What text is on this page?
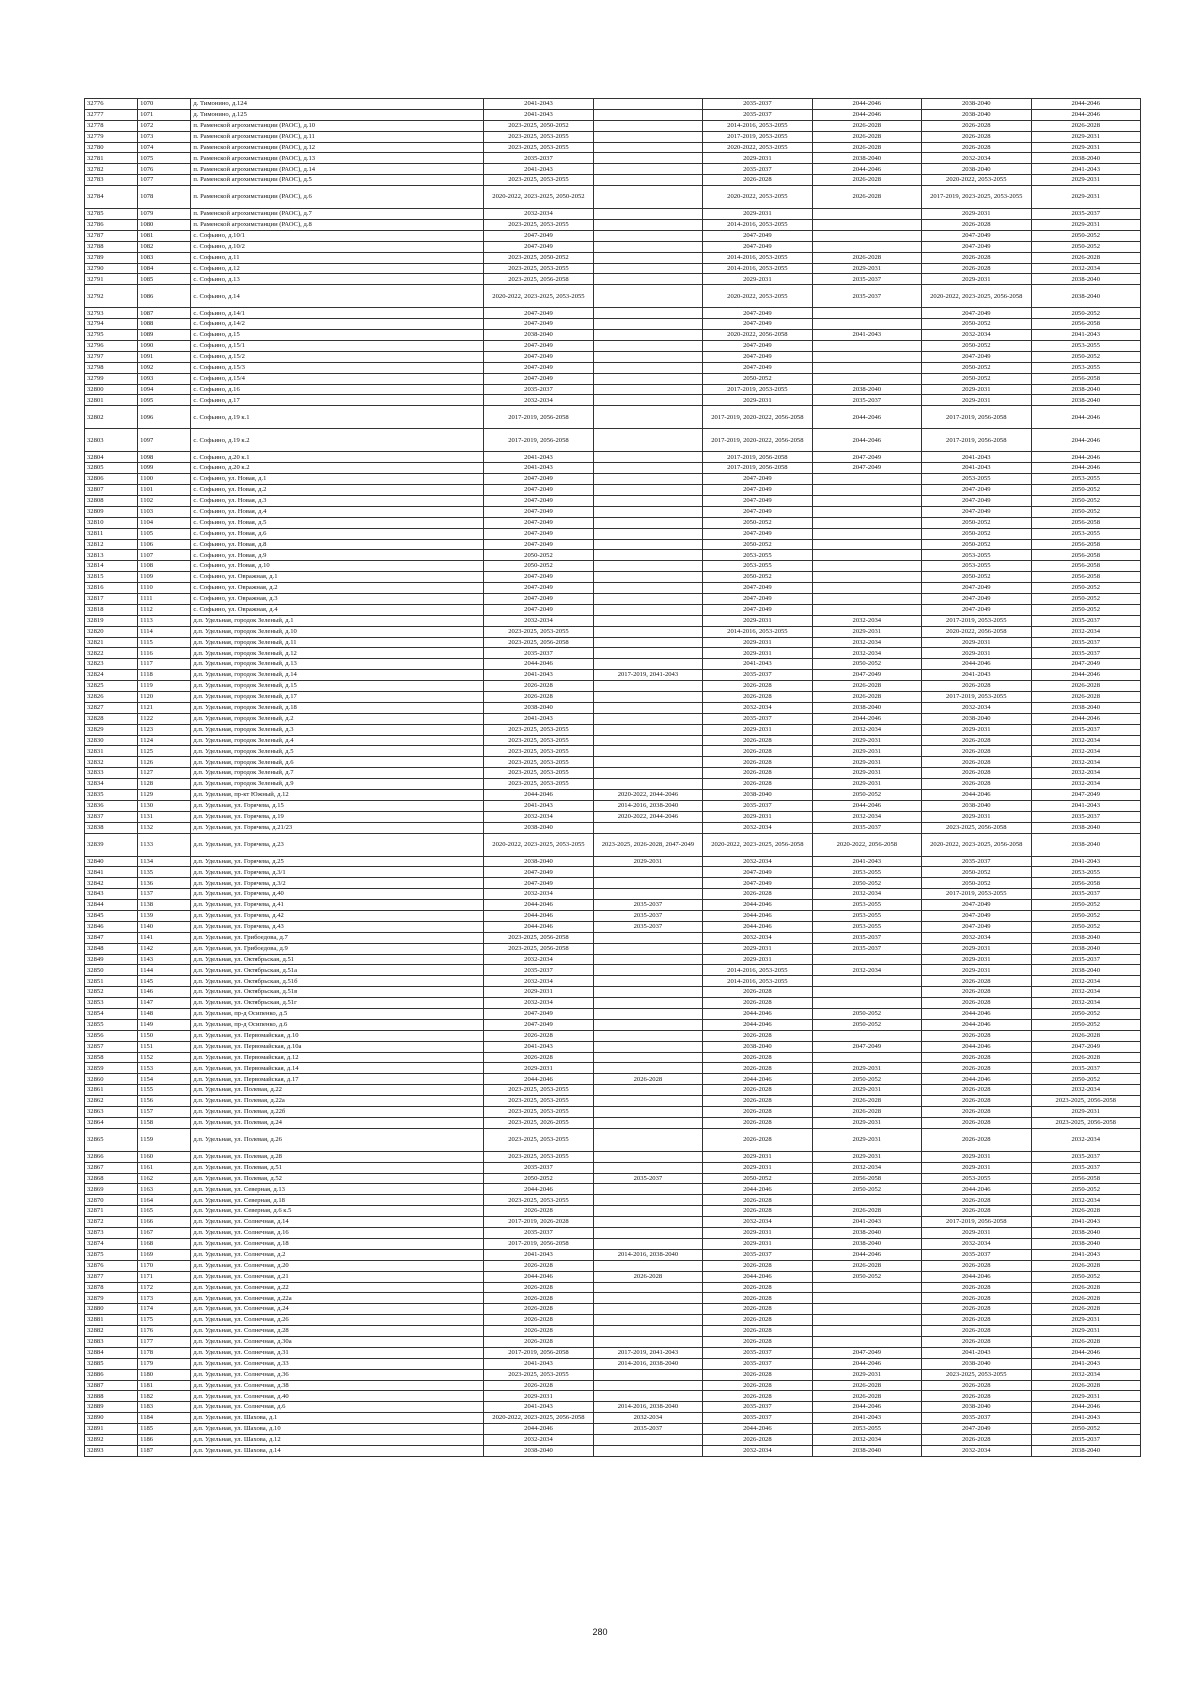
32776	1070	д. Тимонино, д.124	2041-2043		2035-2037	2044-2046	2038-2040	2044-2046
32777	1071	д. Тимонино, д.125	2041-2043		2035-2037	2044-2046	2038-2040	2044-2046
32778	1072	п. Раменской агрохимстанции (РАОС), д.10	2023-2025, 2050-2052		2014-2016, 2053-2055	2026-2028	2026-2028	2026-2028
32779	1073	п. Раменской агрохимстанции (РАОС), д.11	2023-2025, 2053-2055		2017-2019, 2053-2055	2026-2028	2026-2028	2029-2031
32780	1074	п. Раменской агрохимстанции (РАОС), д.12	2023-2025, 2053-2055		2020-2022, 2053-2055	2026-2028	2026-2028	2029-2031
32781	1075	п. Раменской агрохимстанции (РАОС), д.13	2035-2037		2029-2031	2038-2040	2032-2034	2038-2040
32782	1076	п. Раменской агрохимстанции (РАОС), д.14	2041-2043		2035-2037	2044-2046	2038-2040	2041-2043
32783	1077	п. Раменской агрохимстанции (РАОС), д.5	2023-2025, 2053-2055		2026-2028	2026-2028	2020-2022, 2053-2055	2029-2031
32784	1078	п. Раменской агрохимстанции (РАОС), д.6	2020-2022, 2023-2025, 2050-2052		2020-2022, 2053-2055	2026-2028	2017-2019, 2023-2025, 2053-2055	2029-2031
32785	1079	п. Раменской агрохимстанции (РАОС), д.7	2032-2034		2029-2031		2029-2031	2035-2037
32786	1080	п. Раменской агрохимстанции (РАОС), д.8	2023-2025, 2053-2055		2014-2016, 2053-2055		2026-2028	2029-2031
32787	1081	с. Софьино, д.10/1	2047-2049		2047-2049		2047-2049	2050-2052
32788	1082	с. Софьино, д.10/2	2047-2049		2047-2049		2047-2049	2050-2052
32789	1083	с. Софьино, д.11	2023-2025, 2050-2052		2014-2016, 2053-2055	2026-2028	2026-2028	2026-2028
32790	1084	с. Софьино, д.12	2023-2025, 2053-2055		2014-2016, 2053-2055	2029-2031	2026-2028	2032-2034
32791	1085	с. Софьино, д.13	2023-2025, 2056-2058		2029-2031	2035-2037	2029-2031	2038-2040
32792	1086	с. Софьино, д.14	2020-2022, 2023-2025, 2053-2055		2020-2022, 2053-2055	2035-2037	2020-2022, 2023-2025, 2056-2058	2038-2040
32793	1087	с. Софьино, д.14/1	2047-2049		2047-2049		2047-2049	2050-2052
32794	1088	с. Софьино, д.14/2	2047-2049		2047-2049		2050-2052	2056-2058
32795	1089	с. Софьино, д.15	2038-2040		2020-2022, 2056-2058	2041-2043	2032-2034	2041-2043
32796	1090	с. Софьино, д.15/1	2047-2049		2047-2049		2050-2052	2053-2055
32797	1091	с. Софьино, д.15/2	2047-2049		2047-2049		2047-2049	2050-2052
32798	1092	с. Софьино, д.15/3	2047-2049		2047-2049		2050-2052	2053-2055
32799	1093	с. Софьино, д.15/4	2047-2049		2050-2052		2050-2052	2056-2058
32800	1094	с. Софьино, д.16	2035-2037		2017-2019, 2053-2055	2038-2040	2029-2031	2038-2040
32801	1095	с. Софьино, д.17	2032-2034		2029-2031	2035-2037	2029-2031	2038-2040
32802	1096	с. Софьино, д.19 к.1	2017-2019, 2056-2058		2017-2019, 2020-2022, 2056-2058	2044-2046	2017-2019, 2056-2058	2044-2046
32803	1097	с. Софьино, д.19 к.2	2017-2019, 2056-2058		2017-2019, 2020-2022, 2056-2058	2044-2046	2017-2019, 2056-2058	2044-2046
32804	1098	с. Софьино, д.20 к.1	2041-2043		2017-2019, 2056-2058	2047-2049	2041-2043	2044-2046
32805	1099	с. Софьино, д.20 к.2	2041-2043		2017-2019, 2056-2058	2047-2049	2041-2043	2044-2046
32806	1100	с. Софьино, ул. Новая, д.1	2047-2049		2047-2049		2053-2055	2053-2055
32807	1101	с. Софьино, ул. Новая, д.2	2047-2049		2047-2049		2047-2049	2050-2052
32808	1102	с. Софьино, ул. Новая, д.3	2047-2049		2047-2049		2047-2049	2050-2052
32809	1103	с. Софьино, ул. Новая, д.4	2047-2049		2047-2049		2047-2049	2050-2052
32810	1104	с. Софьино, ул. Новая, д.5	2047-2049		2050-2052		2050-2052	2056-2058
32811	1105	с. Софьино, ул. Новая, д.6	2047-2049		2047-2049		2050-2052	2053-2055
32812	1106	с. Софьино, ул. Новая, д.8	2047-2049		2050-2052		2050-2052	2056-2058
32813	1107	с. Софьино, ул. Новая, д.9	2050-2052		2053-2055		2053-2055	2056-2058
32814	1108	с. Софьино, ул. Новая, д.10	2050-2052		2053-2055		2053-2055	2056-2058
32815	1109	с. Софьино, ул. Овражная, д.1	2047-2049		2050-2052		2050-2052	2056-2058
32816	1110	с. Софьино, ул. Овражная, д.2	2047-2049		2047-2049		2047-2049	2050-2052
32817	1111	с. Софьино, ул. Овражная, д.3	2047-2049		2047-2049		2047-2049	2050-2052
32818	1112	с. Софьино, ул. Овражная, д.4	2047-2049		2047-2049		2047-2049	2050-2052
32819	1113	д.п. Удельная, городок Зеленый, д.1	2032-2034		2029-2031	2032-2034	2017-2019, 2053-2055	2035-2037
32820	1114	д.п. Удельная, городок Зеленый, д.10	2023-2025, 2053-2055		2014-2016, 2053-2055	2029-2031	2020-2022, 2056-2058	2032-2034
32821	1115	д.п. Удельная, городок Зеленый, д.11	2023-2025, 2056-2058		2029-2031	2032-2034	2029-2031	2035-2037
32822	1116	д.п. Удельная, городок Зеленый, д.12	2035-2037		2029-2031	2032-2034	2029-2031	2035-2037
32823	1117	д.п. Удельная, городок Зеленый, д.13	2044-2046		2041-2043	2050-2052	2044-2046	2047-2049
32824	1118	д.п. Удельная, городок Зеленый, д.14	2041-2043	2017-2019, 2041-2043	2035-2037	2047-2049	2041-2043	2044-2046
32825	1119	д.п. Удельная, городок Зеленый, д.15	2026-2028		2026-2028	2026-2028	2026-2028	2026-2028
32826	1120	д.п. Удельная, городок Зеленый, д.17	2026-2028		2026-2028	2026-2028	2017-2019, 2053-2055	2026-2028
32827	1121	д.п. Удельная, городок Зеленый, д.18	2038-2040		2032-2034	2038-2040	2032-2034	2038-2040
32828	1122	д.п. Удельная, городок Зеленый, д.2	2041-2043		2035-2037	2044-2046	2038-2040	2044-2046
32829	1123	д.п. Удельная, городок Зеленый, д.3	2023-2025, 2053-2055		2029-2031	2032-2034	2029-2031	2035-2037
32830	1124	д.п. Удельная, городок Зеленый, д.4	2023-2025, 2053-2055		2026-2028	2029-2031	2026-2028	2032-2034
32831	1125	д.п. Удельная, городок Зеленый, д.5	2023-2025, 2053-2055		2026-2028	2029-2031	2026-2028	2032-2034
32832	1126	д.п. Удельная, городок Зеленый, д.6	2023-2025, 2053-2055		2026-2028	2029-2031	2026-2028	2032-2034
32833	1127	д.п. Удельная, городок Зеленый, д.7	2023-2025, 2053-2055		2026-2028	2029-2031	2026-2028	2032-2034
32834	1128	д.п. Удельная, городок Зеленый, д.9	2023-2025, 2053-2055		2026-2028	2029-2031	2026-2028	2032-2034
32835	1129	д.п. Удельная, пр-кт Южный, д.12	2044-2046	2020-2022, 2044-2046	2038-2040	2050-2052	2044-2046	2047-2049
32836	1130	д.п. Удельная, ул. Горячева, д.15	2041-2043	2014-2016, 2038-2040	2035-2037	2044-2046	2038-2040	2041-2043
32837	1131	д.п. Удельная, ул. Горячева, д.19	2032-2034	2020-2022, 2044-2046	2029-2031	2032-2034	2029-2031	2035-2037
32838	1132	д.п. Удельная, ул. Горячева, д.21/23	2038-2040		2032-2034	2035-2037	2023-2025, 2056-2058	2038-2040
32839	1133	д.п. Удельная, ул. Горячева, д.23	2020-2022, 2023-2025, 2053-2055	2023-2025, 2026-2028, 2047-2049	2020-2022, 2023-2025, 2056-2058	2020-2022, 2056-2058	2020-2022, 2023-2025, 2056-2058	2038-2040
32840	1134	д.п. Удельная, ул. Горячева, д.25	2038-2040	2029-2031	2032-2034	2041-2043	2035-2037	2041-2043
32841	1135	д.п. Удельная, ул. Горячева, д.3/1	2047-2049		2047-2049	2053-2055	2050-2052	2053-2055
32842	1136	д.п. Удельная, ул. Горячева, д.3/2	2047-2049		2047-2049	2050-2052	2050-2052	2056-2058
32843	1137	д.п. Удельная, ул. Горячева, д.40	2032-2034		2026-2028	2032-2034	2017-2019, 2053-2055	2035-2037
32844	1138	д.п. Удельная, ул. Горячева, д.41	2044-2046	2035-2037	2044-2046	2053-2055	2047-2049	2050-2052
32845	1139	д.п. Удельная, ул. Горячева, д.42	2044-2046	2035-2037	2044-2046	2053-2055	2047-2049	2050-2052
32846	1140	д.п. Удельная, ул. Горячева, д.43	2044-2046	2035-2037	2044-2046	2053-2055	2047-2049	2050-2052
32847	1141	д.п. Удельная, ул. Грибоедова, д.7	2023-2025, 2056-2058		2032-2034	2035-2037	2032-2034	2038-2040
32848	1142	д.п. Удельная, ул. Грибоедова, д.9	2023-2025, 2056-2058		2029-2031	2035-2037	2029-2031	2038-2040
32849	1143	д.п. Удельная, ул. Октябрьская, д.51	2032-2034		2029-2031		2029-2031	2035-2037
32850	1144	д.п. Удельная, ул. Октябрьская, д.51а	2035-2037		2014-2016, 2053-2055	2032-2034	2029-2031	2038-2040
32851	1145	д.п. Удельная, ул. Октябрьская, д.51б	2032-2034		2014-2016, 2053-2055		2026-2028	2032-2034
32852	1146	д.п. Удельная, ул. Октябрьская, д.51в	2029-2031		2026-2028		2026-2028	2032-2034
32853	1147	д.п. Удельная, ул. Октябрьская, д.51г	2032-2034		2026-2028		2026-2028	2032-2034
32854	1148	д.п. Удельная, пр-д Осипенко, д.5	2047-2049		2044-2046	2050-2052	2044-2046	2050-2052
32855	1149	д.п. Удельная, пр-д Осипенко, д.6	2047-2049		2044-2046	2050-2052	2044-2046	2050-2052
32856	1150	д.п. Удельная, ул. Первомайская, д.10	2026-2028		2026-2028		2026-2028	2026-2028
32857	1151	д.п. Удельная, ул. Первомайская, д.10а	2041-2043		2038-2040	2047-2049	2044-2046	2047-2049
32858	1152	д.п. Удельная, ул. Первомайская, д.12	2026-2028		2026-2028		2026-2028	2026-2028
32859	1153	д.п. Удельная, ул. Первомайская, д.14	2029-2031		2026-2028	2029-2031	2026-2028	2035-2037
32860	1154	д.п. Удельная, ул. Первомайская, д.17	2044-2046	2026-2028	2044-2046	2050-2052	2044-2046	2050-2052
32861	1155	д.п. Удельная, ул. Полевая, д.22	2023-2025, 2053-2055		2026-2028	2029-2031	2026-2028	2032-2034
32862	1156	д.п. Удельная, ул. Полевая, д.22а	2023-2025, 2053-2055		2026-2028	2026-2028	2026-2028	2023-2025, 2056-2058
32863	1157	д.п. Удельная, ул. Полевая, д.22б	2023-2025, 2053-2055		2026-2028	2026-2028	2026-2028	2029-2031
32864	1158	д.п. Удельная, ул. Полевая, д.24	2023-2025, 2026-2055		2026-2028	2029-2031	2026-2028	2023-2025, 2056-2058
32865	1159	д.п. Удельная, ул. Полевая, д.26	2023-2025, 2053-2055		2026-2028	2029-2031	2026-2028	2032-2034
32866	1160	д.п. Удельная, ул. Полевая, д.28	2023-2025, 2053-2055		2029-2031	2029-2031	2029-2031	2035-2037
32867	1161	д.п. Удельная, ул. Полевая, д.51	2035-2037		2029-2031	2032-2034	2029-2031	2035-2037
32868	1162	д.п. Удельная, ул. Полевая, д.52	2050-2052	2035-2037	2050-2052	2056-2058	2053-2055	2056-2058
32869	1163	д.п. Удельная, ул. Северная, д.13	2044-2046		2044-2046	2050-2052	2044-2046	2050-2052
32870	1164	д.п. Удельная, ул. Северная, д.18	2023-2025, 2053-2055		2026-2028		2026-2028	2032-2034
32871	1165	д.п. Удельная, ул. Северная, д.6 к.5	2026-2028		2026-2028	2026-2028	2026-2028	2026-2028
32872	1166	д.п. Удельная, ул. Солнечная, д.14	2017-2019, 2026-2028		2032-2034	2041-2043	2017-2019, 2056-2058	2041-2043
32873	1167	д.п. Удельная, ул. Солнечная, д.16	2035-2037		2029-2031	2038-2040	2029-2031	2038-2040
32874	1168	д.п. Удельная, ул. Солнечная, д.18	2017-2019, 2056-2058		2029-2031	2038-2040	2032-2034	2038-2040
32875	1169	д.п. Удельная, ул. Солнечная, д.2	2041-2043	2014-2016, 2038-2040	2035-2037	2044-2046	2035-2037	2041-2043
32876	1170	д.п. Удельная, ул. Солнечная, д.20	2026-2028		2026-2028	2026-2028	2026-2028	2026-2028
32877	1171	д.п. Удельная, ул. Солнечная, д.21	2044-2046	2026-2028	2044-2046	2050-2052	2044-2046	2050-2052
32878	1172	д.п. Удельная, ул. Солнечная, д.22	2026-2028		2026-2028		2026-2028	2026-2028
32879	1173	д.п. Удельная, ул. Солнечная, д.22а	2026-2028		2026-2028		2026-2028	2026-2028
32880	1174	д.п. Удельная, ул. Солнечная, д.24	2026-2028		2026-2028		2026-2028	2026-2028
32881	1175	д.п. Удельная, ул. Солнечная, д.26	2026-2028		2026-2028		2026-2028	2029-2031
32882	1176	д.п. Удельная, ул. Солнечная, д.28	2026-2028		2026-2028		2026-2028	2029-2031
32883	1177	д.п. Удельная, ул. Солнечная, д.30а	2026-2028		2026-2028		2026-2028	2026-2028
32884	1178	д.п. Удельная, ул. Солнечная, д.31	2017-2019, 2056-2058	2017-2019, 2041-2043	2035-2037	2047-2049	2041-2043	2044-2046
32885	1179	д.п. Удельная, ул. Солнечная, д.33	2041-2043	2014-2016, 2038-2040	2035-2037	2044-2046	2038-2040	2041-2043
32886	1180	д.п. Удельная, ул. Солнечная, д.36	2023-2025, 2053-2055		2026-2028	2029-2031	2023-2025, 2053-2055	2032-2034
32887	1181	д.п. Удельная, ул. Солнечная, д.38	2026-2028		2026-2028	2026-2028	2026-2028	2026-2028
32888	1182	д.п. Удельная, ул. Солнечная, д.40	2029-2031		2026-2028	2026-2028	2026-2028	2029-2031
32889	1183	д.п. Удельная, ул. Солнечная, д.6	2041-2043	2014-2016, 2038-2040	2035-2037	2044-2046	2038-2040	2044-2046
32890	1184	д.п. Удельная, ул. Шахова, д.1	2020-2022, 2023-2025, 2056-2058	2032-2034	2035-2037	2041-2043	2035-2037	2041-2043
32891	1185	д.п. Удельная, ул. Шахова, д.10	2044-2046	2035-2037	2044-2046	2053-2055	2047-2049	2050-2052
32892	1186	д.п. Удельная, ул. Шахова, д.12	2032-2034		2026-2028	2032-2034	2026-2028	2035-2037
32893	1187	д.п. Удельная, ул. Шахова, д.14	2038-2040		2032-2034	2038-2040	2032-2034	2038-2040
280
